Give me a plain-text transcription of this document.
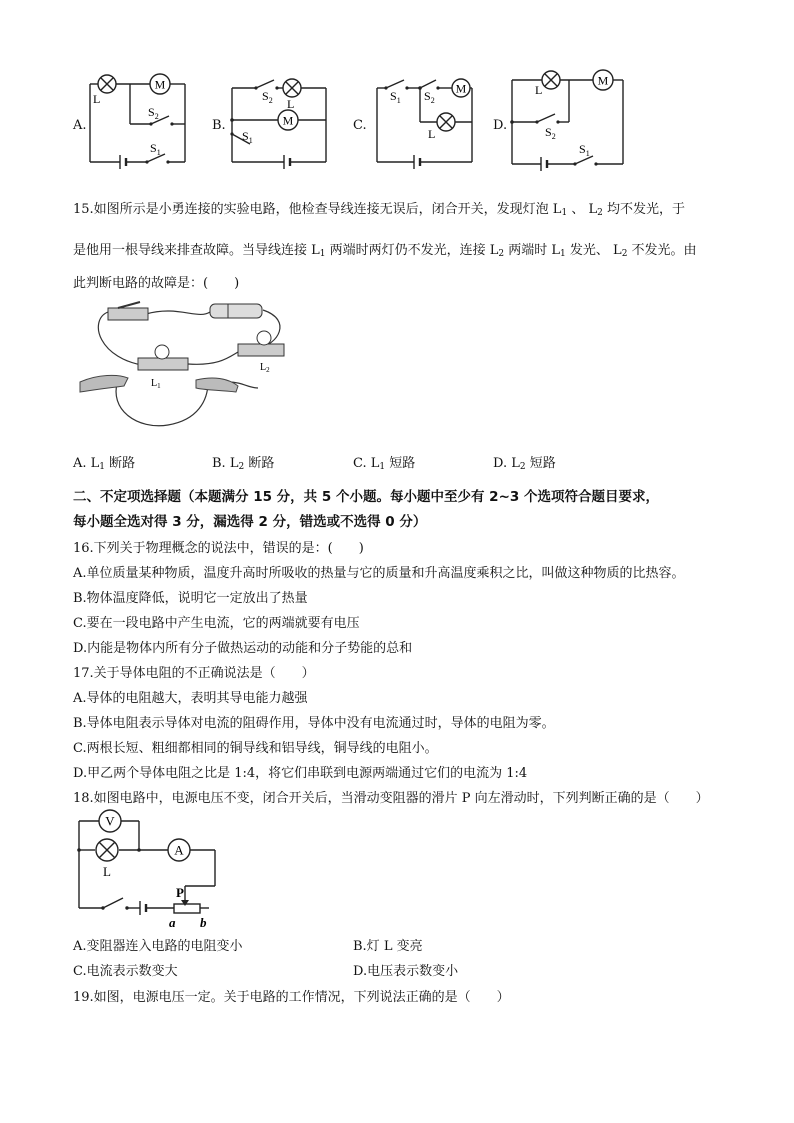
A.
M
L
$S_2$
$S_1$
B.	M
L
$S_2$
$S_1$
C.
M
L
$S_1$ $S_2$
D.
M
L
$S_2$
$S_1$
15.如图所示是小勇连接的实验电路，他检查导线连接无误后，闭合开关，发现灯泡 $L_1$ 、 $L_2$ 均不发光，于
是他用一根导线来排查故障。当导线连接 $L_1$ 两端时两灯仍不发光，连接 $L_2$ 两端时 $L_1$ 发光、 $L_2$ 不发光。由
此判断电路的故障是：(　　)
$L_1$
$L_2$
A. $L_1$ 断路	B. $L_2$ 断路	C. $L_1$ 短路	D. $L_2$ 短路
二、不定项选择题（本题满分 15 分，共 5 个小题。每小题中至少有 2~3 个选项符合题目要求，
每小题全选对得 3 分，漏选得 2 分，错选或不选得 0 分）
16.下列关于物理概念的说法中，错误的是：(　　)
A.单位质量某种物质，温度升高时所吸收的热量与它的质量和升高温度乘积之比，叫做这种物质的比热容。
B.物体温度降低，说明它一定放出了热量
C.要在一段电路中产生电流，它的两端就要有电压
D.内能是物体内所有分子做热运动的动能和分子势能的总和
17.关于导体电阻的不正确说法是（　　）
A.导体的电阻越大，表明其导电能力越强
B.导体电阻表示导体对电流的阻碍作用，导体中没有电流通过时，导体的电阻为零。
C.两根长短、粗细都相同的铜导线和铝导线，铜导线的电阻小。
D.甲乙两个导体电阻之比是 1:4，将它们串联到电源两端通过它们的电流为 1:4
18.如图电路中，电源电压不变，闭合开关后，当滑动变阻器的滑片 P 向左滑动时，下列判断正确的是（　　）
V
A
L
P
a b
A.变阻器连入电路的电阻变小	B.灯 L 变亮
C.电流表示数变大	D.电压表示数变小
19.如图，电源电压一定。关于电路的工作情况，下列说法正确的是（　　）
